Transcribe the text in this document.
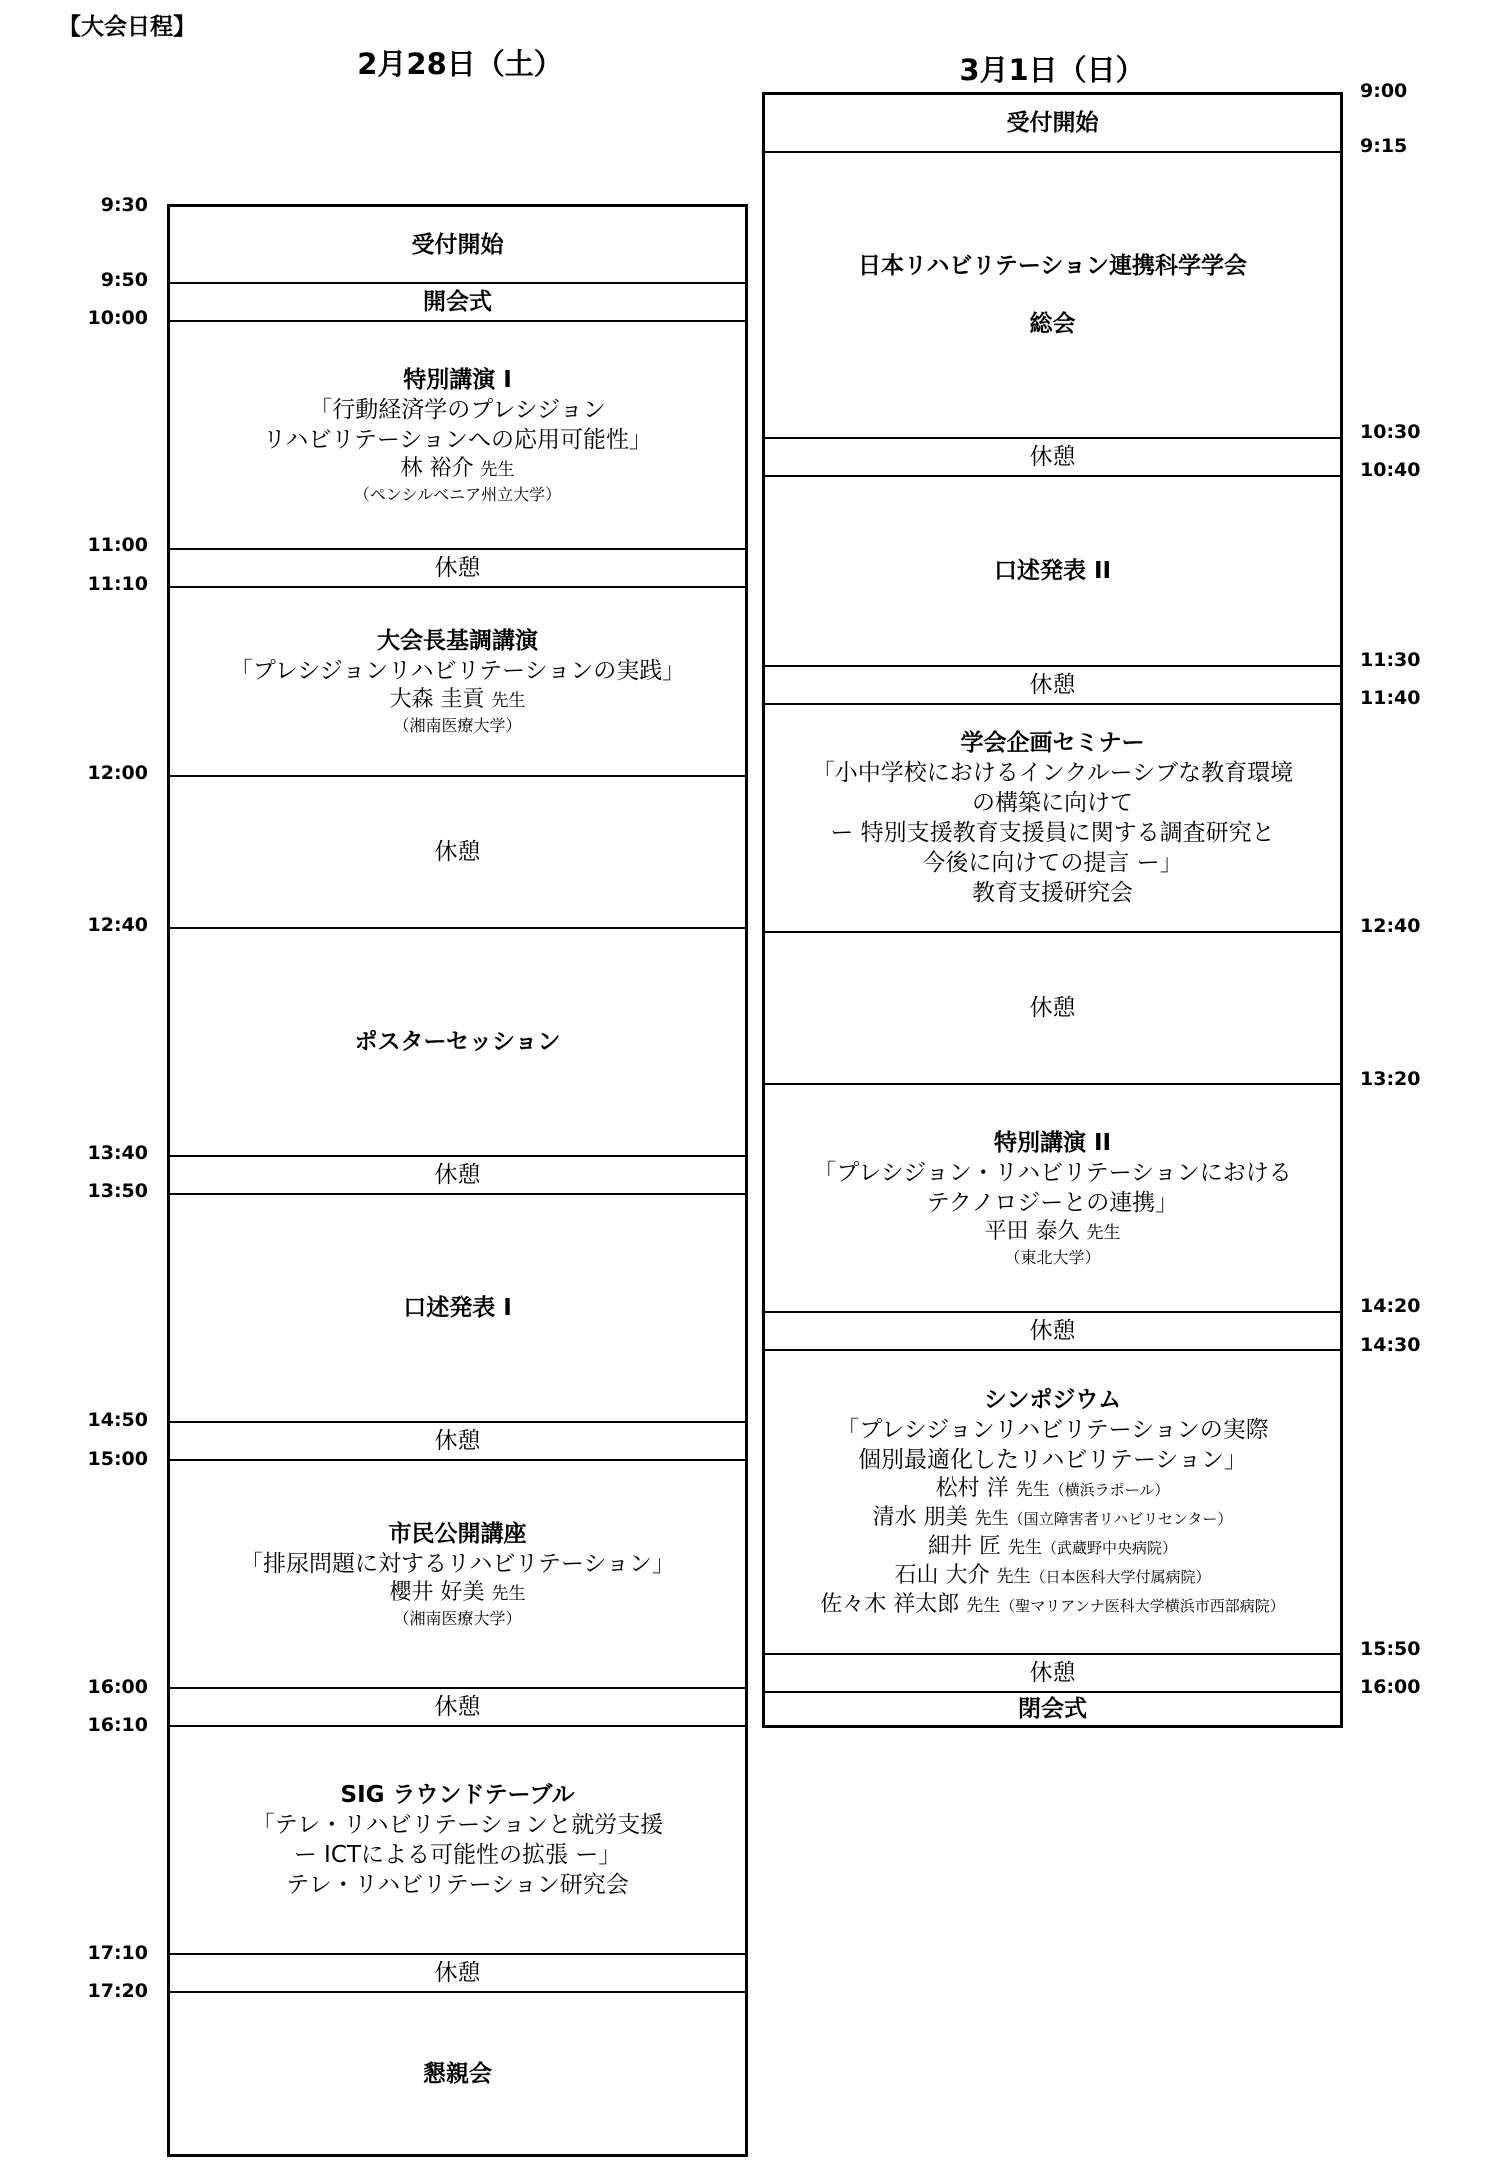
【大会日程】
2月28日（土）	3月1日（日）
9:30
9:50
10:00
11:00
11:10
12:00
12:40
13:40
13:50
14:50
15:00
16:00
16:10
17:10
17:20
受付開始
開会式
特別講演 I
「行動経済学のプレシジョン
リハビリテーションへの応用可能性」
林 裕介 先生
（ペンシルベニア州立大学）
休憩
大会長基調講演
「プレシジョンリハビリテーションの実践」
大森 圭貢 先生
（湘南医療大学）
休憩
ポスターセッション
休憩
口述発表 I
休憩
市民公開講座
「排尿問題に対するリハビリテーション」
櫻井 好美 先生
（湘南医療大学）
休憩
SIG ラウンドテーブル
「テレ・リハビリテーションと就労支援
ー ICTによる可能性の拡張 ー」
テレ・リハビリテーション研究会
休憩
懇親会
9:00
9:15
10:30
10:40
11:30
11:40
12:40
13:20
14:20
14:30
15:50
16:00
受付開始
日本リハビリテーション連携科学学会
総会
休憩
口述発表 II
休憩
学会企画セミナー
「小中学校におけるインクルーシブな教育環境
の構築に向けて
ー 特別支援教育支援員に関する調査研究と
今後に向けての提言 ー」
教育支援研究会
休憩
特別講演 II
「プレシジョン・リハビリテーションにおける
テクノロジーとの連携」
平田 泰久 先生
（東北大学）
休憩
シンポジウム
「プレシジョンリハビリテーションの実際
個別最適化したリハビリテーション」
松村 洋 先生（横浜ラポール）
清水 朋美 先生（国立障害者リハビリセンター）
細井 匠 先生（武蔵野中央病院）
石山 大介 先生（日本医科大学付属病院）
佐々木 祥太郎 先生（聖マリアンナ医科大学横浜市西部病院）
休憩
閉会式
